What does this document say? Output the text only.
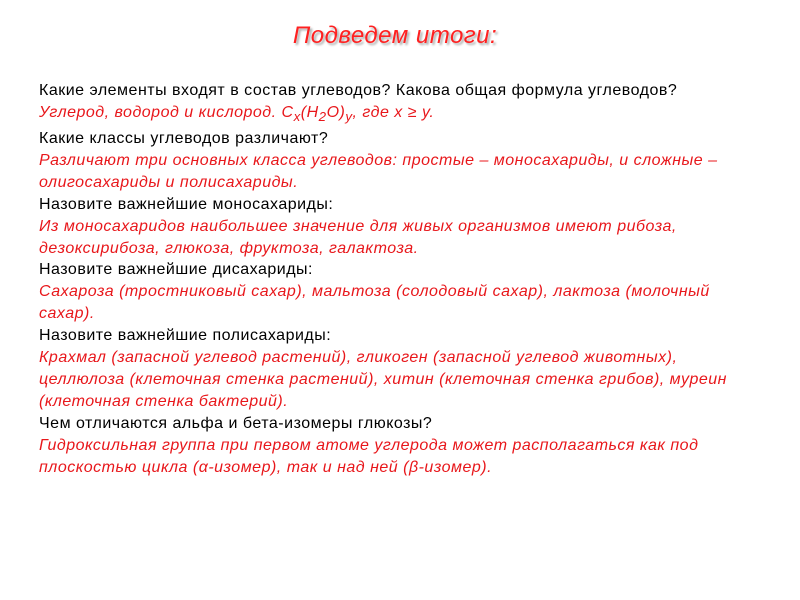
Подведем итоги:
Какие элементы входят в состав углеводов? Какова общая формула углеводов?
Углерод, водород и кислород. $С_x(Н_2О)_y$, где х ≥ у.
Какие классы углеводов различают?
Различают три основных класса углеводов: простые – моносахариды, и сложные – олигосахариды и полисахариды.
Назовите важнейшие моносахариды:
Из моносахаридов наибольшее значение для живых организмов имеют рибоза, дезоксирибоза, глюкоза, фруктоза, галактоза.
Назовите важнейшие дисахариды:
Сахароза (тростниковый сахар), мальтоза (солодовый сахар), лактоза (молочный сахар).
Назовите важнейшие полисахариды:
Крахмал (запасной углевод растений), гликоген (запасной углевод животных), целлюлоза (клеточная стенка растений), хитин (клеточная стенка грибов), муреин (клеточная стенка бактерий).
Чем отличаются альфа и бета-изомеры глюкозы?
Гидроксильная группа при первом атоме углерода может располагаться как под плоскостью цикла (α-изомер), так и над ней (β-изомер).
